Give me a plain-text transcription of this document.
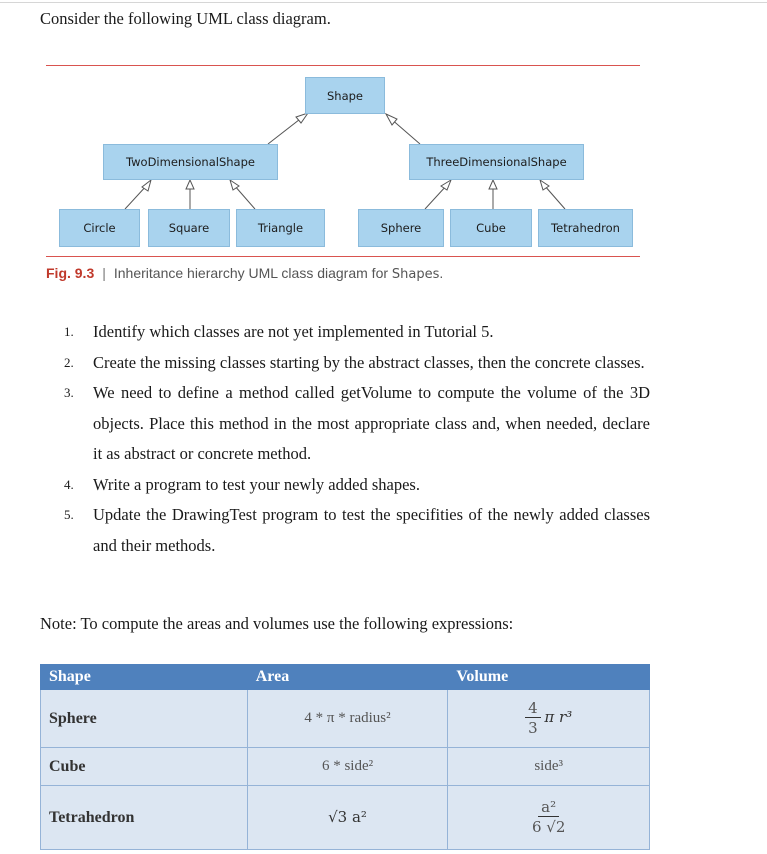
Consider the following UML class diagram.
Shape
TwoDimensionalShape	ThreeDimensionalShape
Circle	Square	Triangle	Sphere	Cube	Tetrahedron
Fig. 9.3 | Inheritance hierarchy UML class diagram for Shapes.
1. Identify which classes are not yet implemented in Tutorial 5.
2. Create the missing classes starting by the abstract classes, then the concrete classes.
3. We need to define a method called getVolume to compute the volume of the 3D objects. Place this method in the most appropriate class and, when needed, declare it as abstract or concrete method.
4. Write a program to test your newly added shapes.
5. Update the DrawingTest program to test the specifities of the newly added classes and their methods.
Note: To compute the areas and volumes use the following expressions:
Shape	Area	Volume
Sphere	4 * π * radius²	$\frac{4}{3}$ π r³
Cube	6 * side²	side³
Tetrahedron	√3 a²	$\frac{\text{a²}}{6 √2}$
